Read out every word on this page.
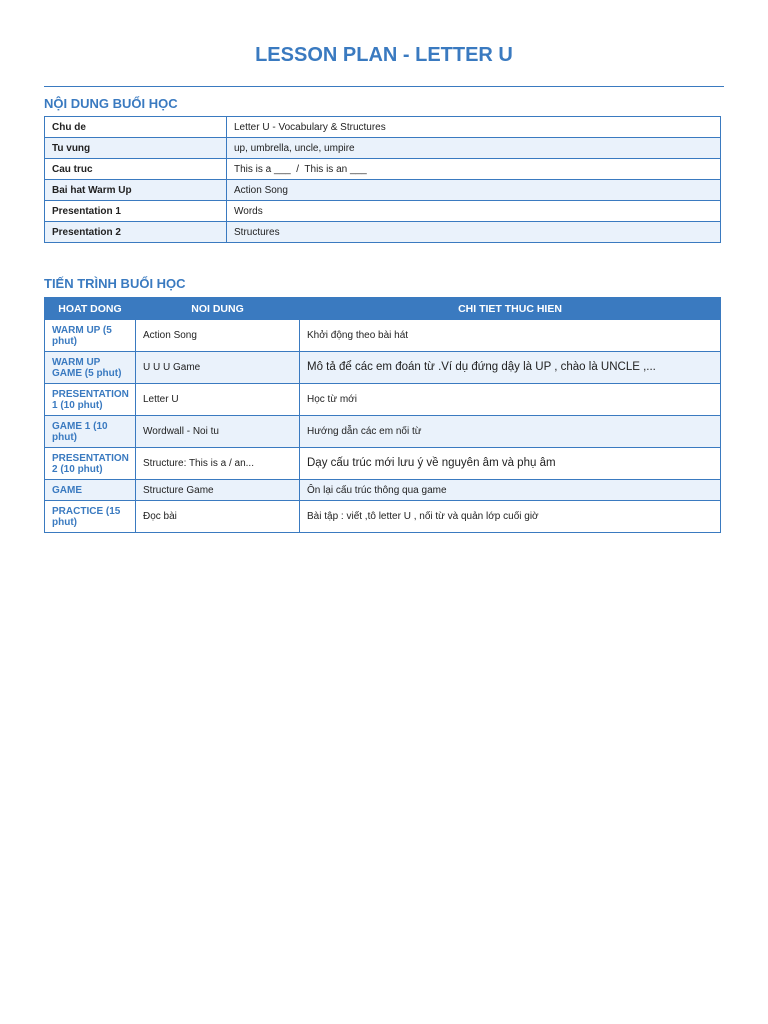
LESSON PLAN - LETTER U
NỘI DUNG BUỔI HỌC
Chu de	Letter U - Vocabulary & Structures
Tu vung	up, umbrella, uncle, umpire
Cau truc	This is a ___  /  This is an ___
Bai hat Warm Up	Action Song
Presentation 1	Words
Presentation 2	Structures
TIẾN TRÌNH BUỔI HỌC
HOAT DONG	NOI DUNG	CHI TIET THUC HIEN
WARM UP (5 phut)	Action Song	Khởi động theo bài hát
WARM UP GAME (5 phut)	U U U Game	Mô tả để các em đoán từ .Ví dụ đứng dậy là UP , chào là UNCLE ,...
PRESENTATION 1 (10 phut)	Letter U	Học từ mới
GAME 1 (10 phut)	Wordwall - Noi tu	Hướng dẫn các em nối từ
PRESENTATION 2 (10 phut)	Structure: This is a / an...	Dạy cấu trúc mới lưu ý về nguyên âm và phụ âm
GAME	Structure Game	Ôn lại cấu trúc thông qua game
PRACTICE (15 phut)	Đọc bài	Bài tập : viết ,tô letter U , nối từ và quản lớp cuối giờ
